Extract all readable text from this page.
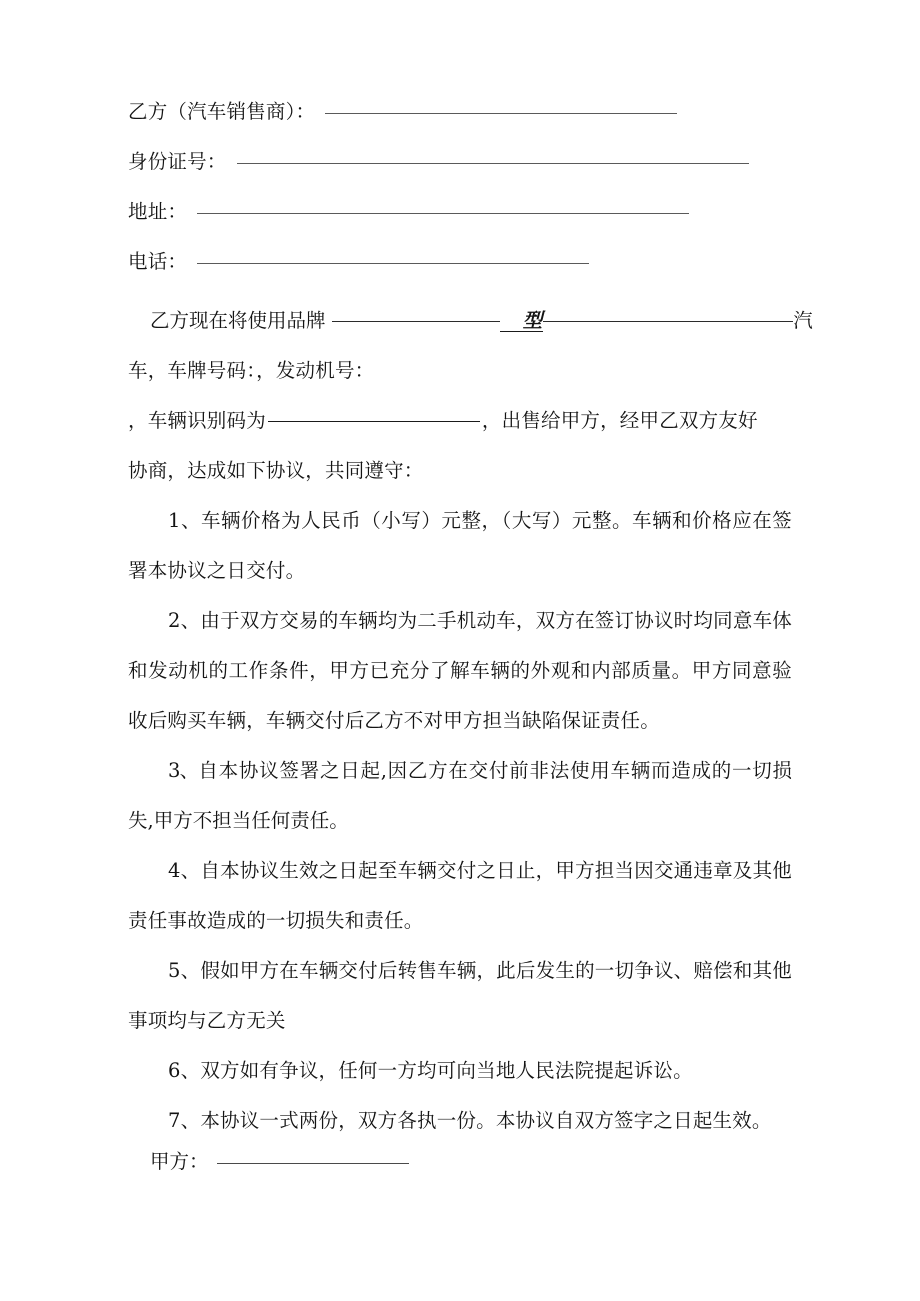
乙方（汽车销售商）：
身份证号：
地址：
电话：
乙方现在将使用品牌	型	汽
车，车牌号码：，发动机号：
，车辆识别码为	，出售给甲方，经甲乙双方友好
协商，达成如下协议，共同遵守：
1、车辆价格为人民币（小写）元整，（大写）元整。车辆和价格应在签署本协议之日交付。
2、由于双方交易的车辆均为二手机动车，双方在签订协议时均同意车体和发动机的工作条件，甲方已充分了解车辆的外观和内部质量。甲方同意验收后购买车辆，车辆交付后乙方不对甲方担当缺陷保证责任。
3、自本协议签署之日起,因乙方在交付前非法使用车辆而造成的一切损失,甲方不担当任何责任。
4、自本协议生效之日起至车辆交付之日止，甲方担当因交通违章及其他责任事故造成的一切损失和责任。
5、假如甲方在车辆交付后转售车辆，此后发生的一切争议、赔偿和其他事项均与乙方无关
6、双方如有争议，任何一方均可向当地人民法院提起诉讼。
7、本协议一式两份，双方各执一份。本协议自双方签字之日起生效。
甲方：
